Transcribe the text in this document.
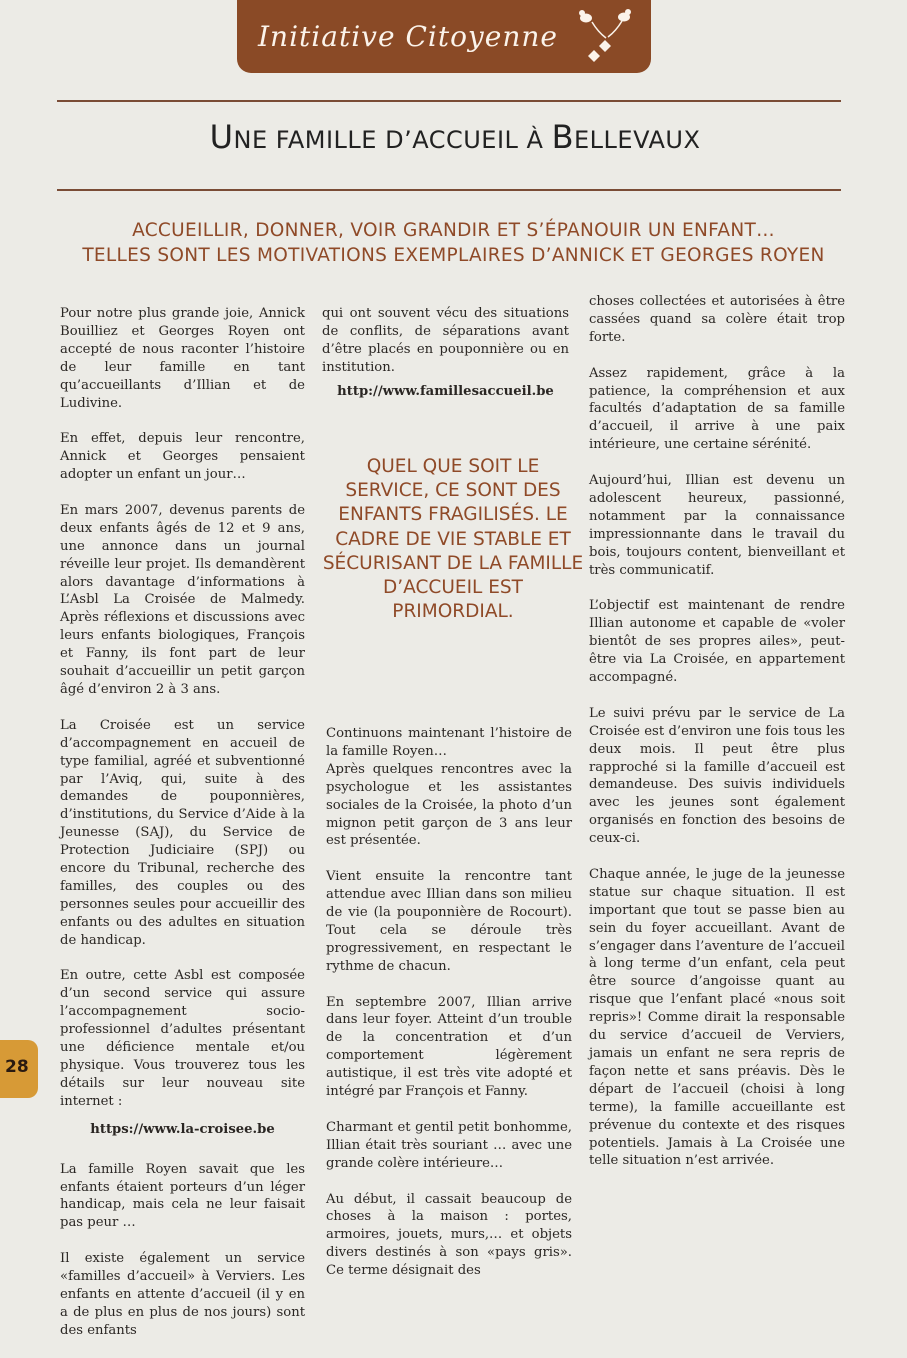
Initiative Citoyenne
UNE FAMILLE D’ACCUEIL À BELLEVAUX
ACCUEILLIR, DONNER, VOIR GRANDIR ET S’ÉPANOUIR UN ENFANT…
TELLES SONT LES MOTIVATIONS EXEMPLAIRES D’ANNICK ET GEORGES ROYEN

Pour notre plus grande joie, Annick Bouilliez et Georges Royen ont accepté de nous raconter l’histoire de leur famille en tant qu’accueillants d’Illian et de Ludivine.

En effet, depuis leur rencontre, Annick et Georges pensaient adopter un enfant un jour…

En mars 2007, devenus parents de deux enfants âgés de 12 et 9 ans, une annonce dans un journal réveille leur projet. Ils demandèrent alors davantage d’informations à L’Asbl La Croisée de Malmedy. Après réflexions et discussions avec leurs enfants biologiques, François et Fanny, ils font part de leur souhait d’accueillir un petit garçon âgé d’environ 2 à 3 ans.

La Croisée est un service d’accompagnement en accueil de type familial, agréé et subventionné par l’Aviq, qui, suite à des demandes de pouponnières, d’institutions, du Service d’Aide à la Jeunesse (SAJ), du Service de Protection Judiciaire (SPJ) ou encore du Tribunal, recherche des familles, des couples ou des personnes seules pour accueillir des enfants ou des adultes en situation de handicap.

En outre, cette Asbl est composée d’un second service qui assure l’accompagnement socio-professionnel d’adultes présentant une déficience mentale et/ou physique. Vous trouverez tous les détails sur leur nouveau site internet :

https://www.la-croisee.be

La famille Royen savait que les enfants étaient porteurs d’un léger handicap, mais cela ne leur faisait pas peur …

Il existe également un service «familles d’accueil» à Verviers. Les enfants en attente d’accueil (il y en a de plus en plus de nos jours) sont des enfants

qui ont souvent vécu des situations de conflits, de séparations avant d’être placés en pouponnière ou en institution.

http://www.famillesaccueil.be

QUEL QUE SOIT LE SERVICE, CE SONT DES ENFANTS FRAGILISÉS. LE CADRE DE VIE STABLE ET SÉCURISANT DE LA FAMILLE D’ACCUEIL EST PRIMORDIAL.

Continuons maintenant l’histoire de la famille Royen…
Après quelques rencontres avec la psychologue et les assistantes sociales de la Croisée, la photo d’un mignon petit garçon de 3 ans leur est présentée.

Vient ensuite la rencontre tant attendue avec Illian dans son milieu de vie (la pouponnière de Rocourt). Tout cela se déroule très progressivement, en respectant le rythme de chacun.

En septembre 2007, Illian arrive dans leur foyer. Atteint d’un trouble de la concentration et d’un comportement légèrement autistique, il est très vite adopté et intégré par François et Fanny.

Charmant et gentil petit bonhomme, Illian était très souriant … avec une grande colère intérieure…

Au début, il cassait beaucoup de choses à la maison : portes, armoires, jouets, murs,… et objets divers destinés à son «pays gris». Ce terme désignait des

choses collectées et autorisées à être cassées quand sa colère était trop forte.

Assez rapidement, grâce à la patience, la compréhension et aux facultés d’adaptation de sa famille d’accueil, il arrive à une paix intérieure, une certaine sérénité.

Aujourd’hui, Illian est devenu un adolescent heureux, passionné, notamment par la connaissance impressionnante dans le travail du bois, toujours content, bienveillant et très communicatif.

L’objectif est maintenant de rendre Illian autonome et capable de «voler bientôt de ses propres ailes», peut-être via La Croisée, en appartement accompagné.

Le suivi prévu par le service de La Croisée est d’environ une fois tous les deux mois. Il peut être plus rapproché si la famille d’accueil est demandeuse. Des suivis individuels avec les jeunes sont également organisés en fonction des besoins de ceux-ci.

Chaque année, le juge de la jeunesse statue sur chaque situation. Il est important que tout se passe bien au sein du foyer accueillant. Avant de s’engager dans l’aventure de l’accueil à long terme d’un enfant, cela peut être source d’angoisse quant au risque que l’enfant placé «nous soit repris»! Comme dirait la responsable du service d’accueil de Verviers, jamais un enfant ne sera repris de façon nette et sans préavis. Dès le départ de l’accueil (choisi à long terme), la famille accueillante est prévenue du contexte et des risques potentiels. Jamais à La Croisée une telle situation n’est arrivée.

28
